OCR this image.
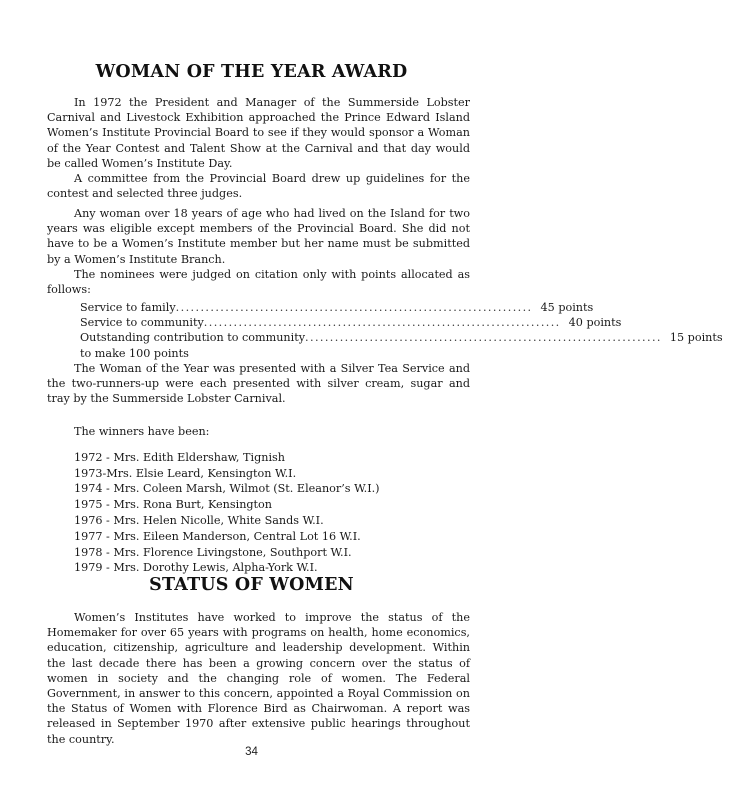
WOMAN OF THE YEAR AWARD

In 1972 the President and Manager of the Summerside Lobster Carnival and Livestock Exhibition approached the Prince Edward Island Women’s Institute Provincial Board to see if they would sponsor a Woman of the Year Contest and Talent Show at the Carnival and that day would be called Women’s Institute Day.

A committee from the Provincial Board drew up guidelines for the contest and selected three judges.

Any woman over 18 years of age who had lived on the Island for two years was eligible except members of the Provincial Board. She did not have to be a Women’s Institute member but her name must be submitted by a Women’s Institute Branch.

The nominees were judged on citation only with points allocated as follows:

Service to family ........................................................................ 45 points
Service to community ........................................................................ 40 points
Outstanding contribution to community ........................................................................ 15 points
to make 100 points

The Woman of the Year was presented with a Silver Tea Service and the two-runners-up were each presented with silver cream, sugar and tray by the Summerside Lobster Carnival.

The winners have been:
1972 - Mrs. Edith Eldershaw, Tignish
1973-Mrs. Elsie Leard, Kensington W.I.
1974 - Mrs. Coleen Marsh, Wilmot (St. Eleanor’s W.I.)
1975 - Mrs. Rona Burt, Kensington
1976 - Mrs. Helen Nicolle, White Sands W.I.
1977 - Mrs. Eileen Manderson, Central Lot 16 W.I.
1978 - Mrs. Florence Livingstone, Southport W.I.
1979 - Mrs. Dorothy Lewis, Alpha-York W.I.
STATUS OF WOMEN

Women’s Institutes have worked to improve the status of the Homemaker for over 65 years with programs on health, home economics, education, citizenship, agriculture and leadership development. Within the last decade there has been a growing concern over the status of women in society and the changing role of women. The Federal Government, in answer to this concern, appointed a Royal Commission on the Status of Women with Florence Bird as Chairwoman. A report was released in September 1970 after extensive public hearings throughout the country.

34
